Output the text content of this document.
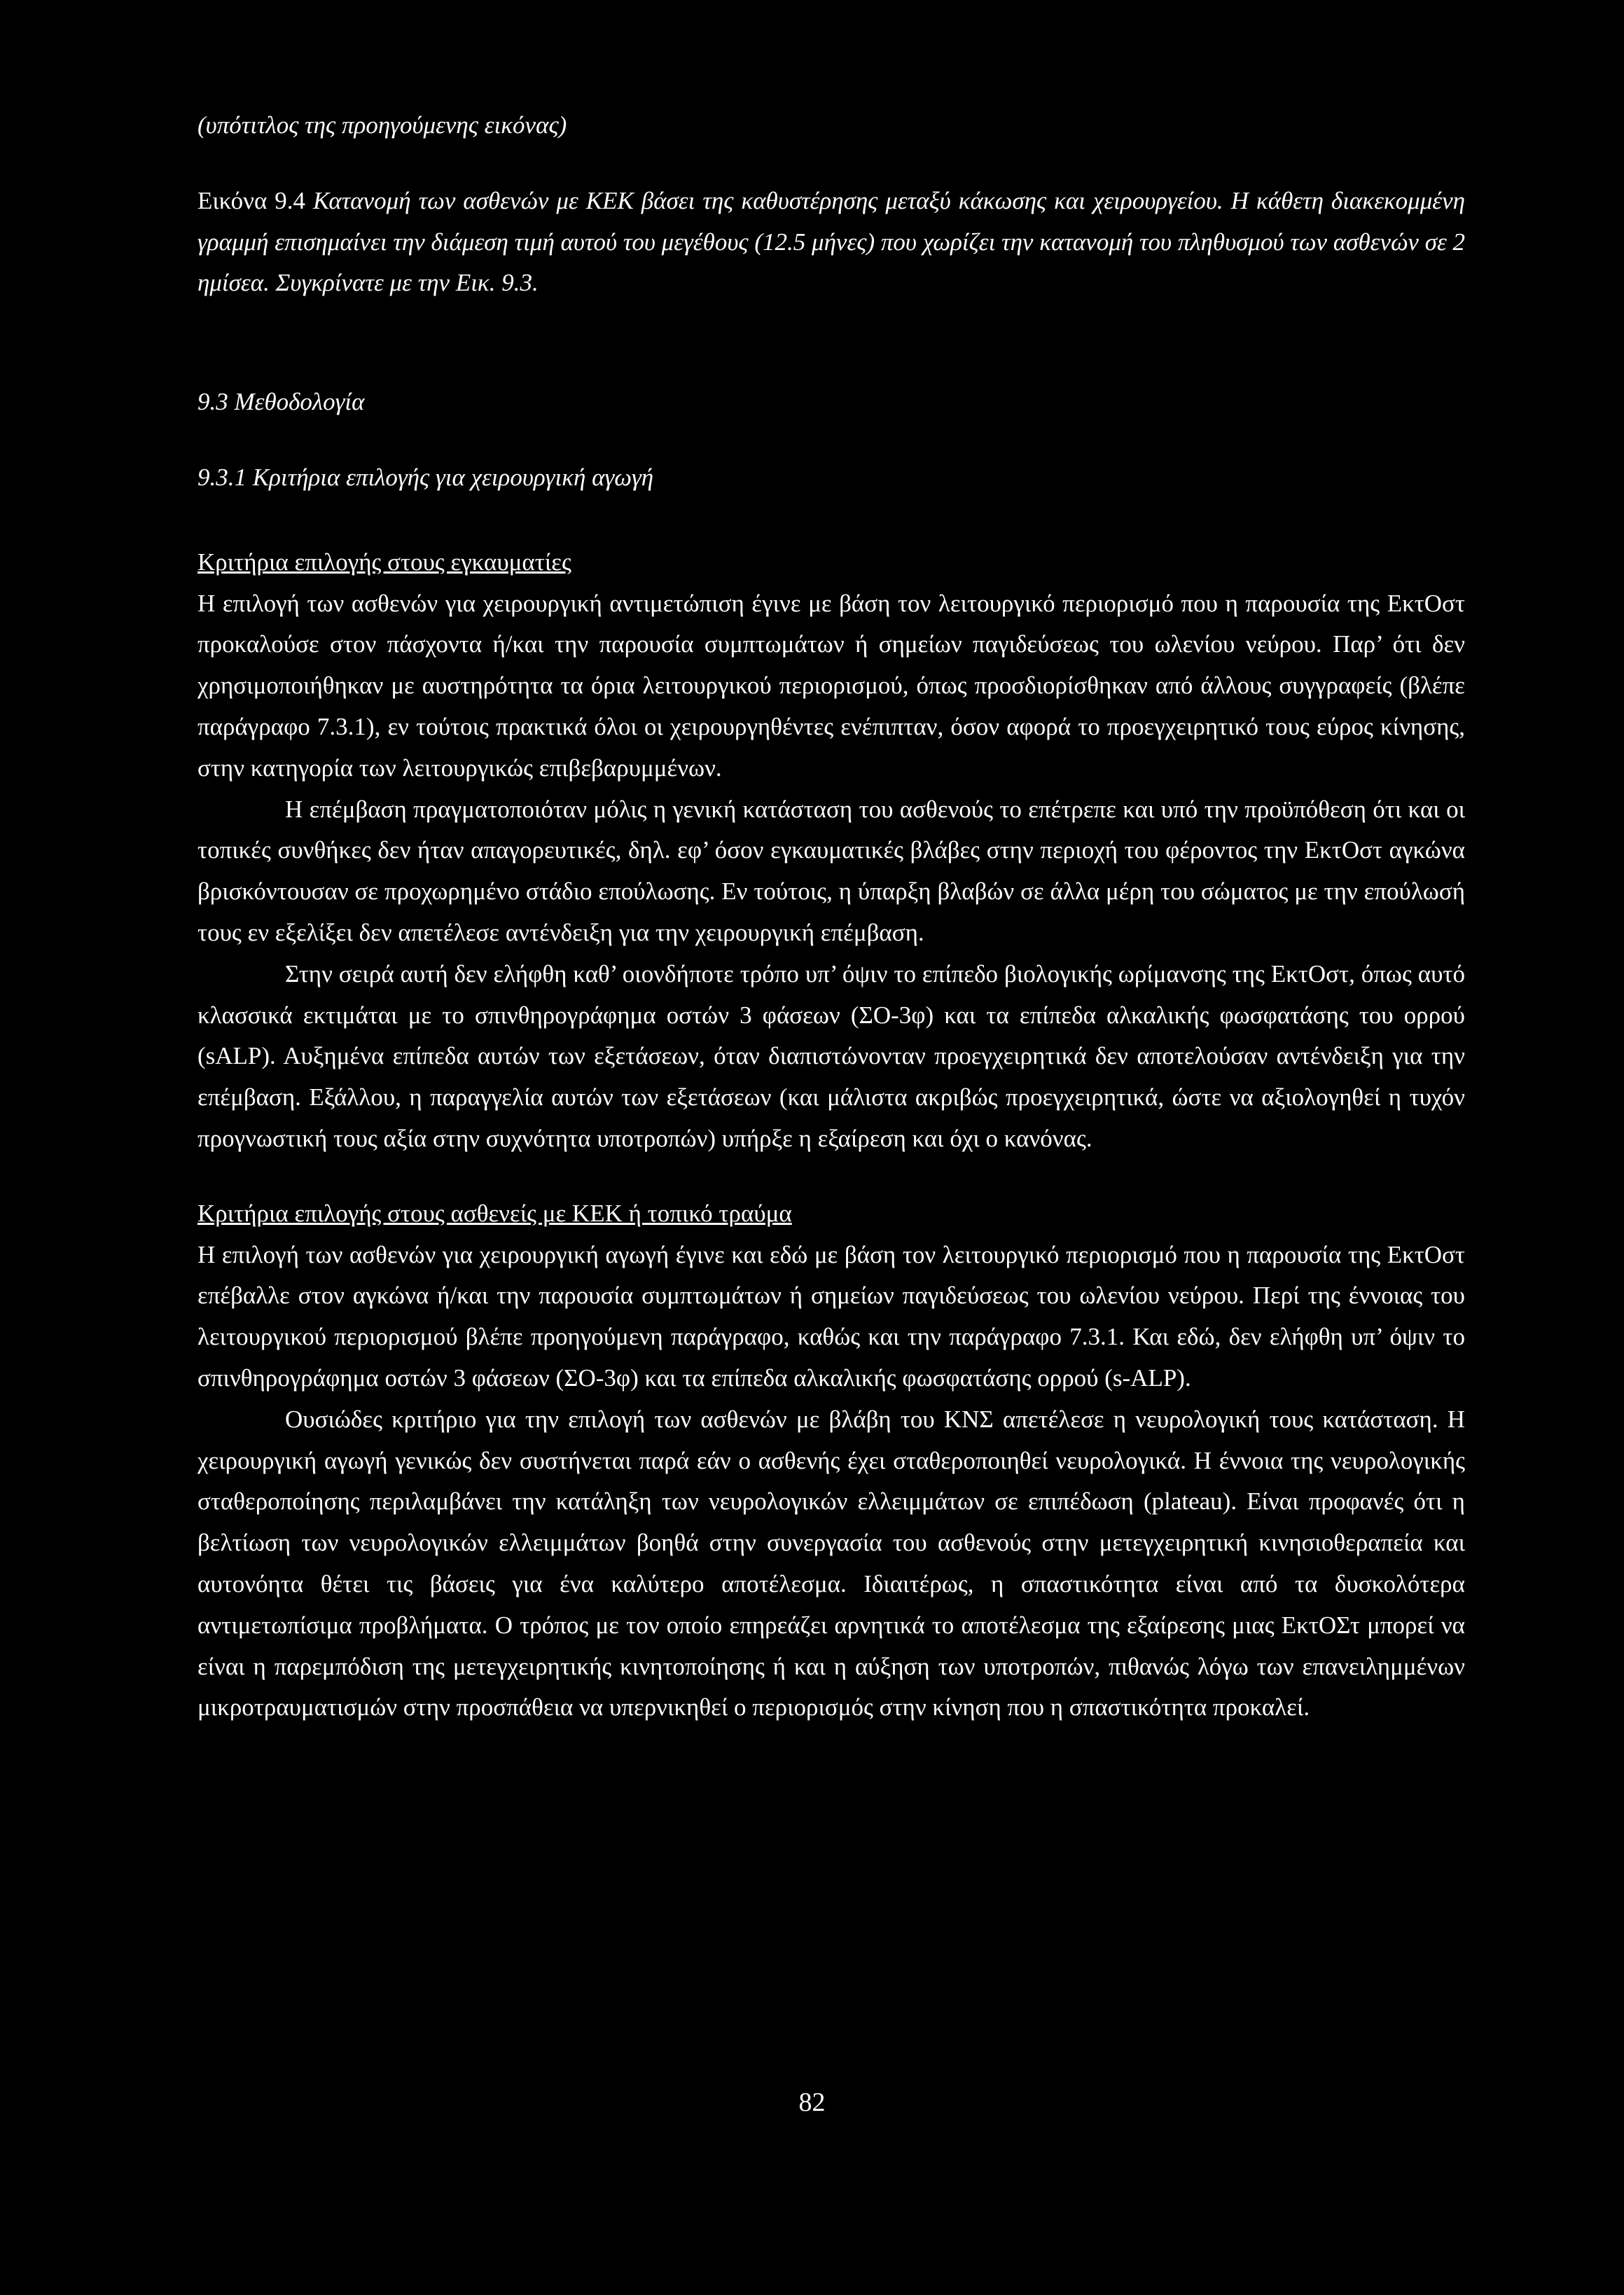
(υπότιτλος της προηγούμενης εικόνας)

Εικόνα 9.4 Κατανομή των ασθενών με ΚΕΚ βάσει της καθυστέρησης μεταξύ κάκωσης και χειρουργείου. Η κάθετη διακεκομμένη γραμμή επισημαίνει την διάμεση τιμή αυτού του μεγέθους (12.5 μήνες) που χωρίζει την κατανομή του πληθυσμού των ασθενών σε 2 ημίσεα. Συγκρίνατε με την Εικ. 9.3.

9.3 Μεθοδολογία

9.3.1 Κριτήρια επιλογής για χειρουργική αγωγή

Κριτήρια επιλογής στους εγκαυματίες

Η επιλογή των ασθενών για χειρουργική αντιμετώπιση έγινε με βάση τον λειτουργικό περιορισμό που η παρουσία της ΕκτΟστ προκαλούσε στον πάσχοντα ή/και την παρουσία συμπτωμάτων ή σημείων παγιδεύσεως του ωλενίου νεύρου. Παρ’ ότι δεν χρησιμοποιήθηκαν με αυστηρότητα τα όρια λειτουργικού περιορισμού, όπως προσδιορίσθηκαν από άλλους συγγραφείς (βλέπε παράγραφο 7.3.1), εν τούτοις πρακτικά όλοι οι χειρουργηθέντες ενέπιπταν, όσον αφορά το προεγχειρητικό τους εύρος κίνησης, στην κατηγορία των λειτουργικώς επιβεβαρυμμένων.

Η επέμβαση πραγματοποιόταν μόλις η γενική κατάσταση του ασθενούς το επέτρεπε και υπό την προϋπόθεση ότι και οι τοπικές συνθήκες δεν ήταν απαγορευτικές, δηλ. εφ’ όσον εγκαυματικές βλάβες στην περιοχή του φέροντος την ΕκτΟστ αγκώνα βρισκόντουσαν σε προχωρημένο στάδιο επούλωσης. Εν τούτοις, η ύπαρξη βλαβών σε άλλα μέρη του σώματος με την επούλωσή τους εν εξελίξει δεν απετέλεσε αντένδειξη για την χειρουργική επέμβαση.

Στην σειρά αυτή δεν ελήφθη καθ’ οιονδήποτε τρόπο υπ’ όψιν το επίπεδο βιολογικής ωρίμανσης της ΕκτΟστ, όπως αυτό κλασσικά εκτιμάται με το σπινθηρογράφημα οστών 3 φάσεων (ΣΟ-3φ) και τα επίπεδα αλκαλικής φωσφατάσης του ορρού (sALP). Αυξημένα επίπεδα αυτών των εξετάσεων, όταν διαπιστώνονταν προεγχειρητικά δεν αποτελούσαν αντένδειξη για την επέμβαση. Εξάλλου, η παραγγελία αυτών των εξετάσεων (και μάλιστα ακριβώς προεγχειρητικά, ώστε να αξιολογηθεί η τυχόν προγνωστική τους αξία στην συχνότητα υποτροπών) υπήρξε η εξαίρεση και όχι ο κανόνας.

Κριτήρια επιλογής στους ασθενείς με ΚΕΚ ή τοπικό τραύμα

Η επιλογή των ασθενών για χειρουργική αγωγή έγινε και εδώ με βάση τον λειτουργικό περιορισμό που η παρουσία της ΕκτΟστ επέβαλλε στον αγκώνα ή/και την παρουσία συμπτωμάτων ή σημείων παγιδεύσεως του ωλενίου νεύρου. Περί της έννοιας του λειτουργικού περιορισμού βλέπε προηγούμενη παράγραφο, καθώς και την παράγραφο 7.3.1. Και εδώ, δεν ελήφθη υπ’ όψιν το σπινθηρογράφημα οστών 3 φάσεων (ΣΟ-3φ) και τα επίπεδα αλκαλικής φωσφατάσης ορρού (s-ALP).

Ουσιώδες κριτήριο για την επιλογή των ασθενών με βλάβη του ΚΝΣ απετέλεσε η νευρολογική τους κατάσταση. Η χειρουργική αγωγή γενικώς δεν συστήνεται παρά εάν ο ασθενής έχει σταθεροποιηθεί νευρολογικά. Η έννοια της νευρολογικής σταθεροποίησης περιλαμβάνει την κατάληξη των νευρολογικών ελλειμμάτων σε επιπέδωση (plateau). Είναι προφανές ότι η βελτίωση των νευρολογικών ελλειμμάτων βοηθά στην συνεργασία του ασθενούς στην μετεγχειρητική κινησιοθεραπεία και αυτονόητα θέτει τις βάσεις για ένα καλύτερο αποτέλεσμα. Ιδιαιτέρως, η σπαστικότητα είναι από τα δυσκολότερα αντιμετωπίσιμα προβλήματα. Ο τρόπος με τον οποίο επηρεάζει αρνητικά το αποτέλεσμα της εξαίρεσης μιας ΕκτΟΣτ μπορεί να είναι η παρεμπόδιση της μετεγχειρητικής κινητοποίησης ή και η αύξηση των υποτροπών, πιθανώς λόγω των επανειλημμένων μικροτραυματισμών στην προσπάθεια να υπερνικηθεί ο περιορισμός στην κίνηση που η σπαστικότητα προκαλεί.

82
